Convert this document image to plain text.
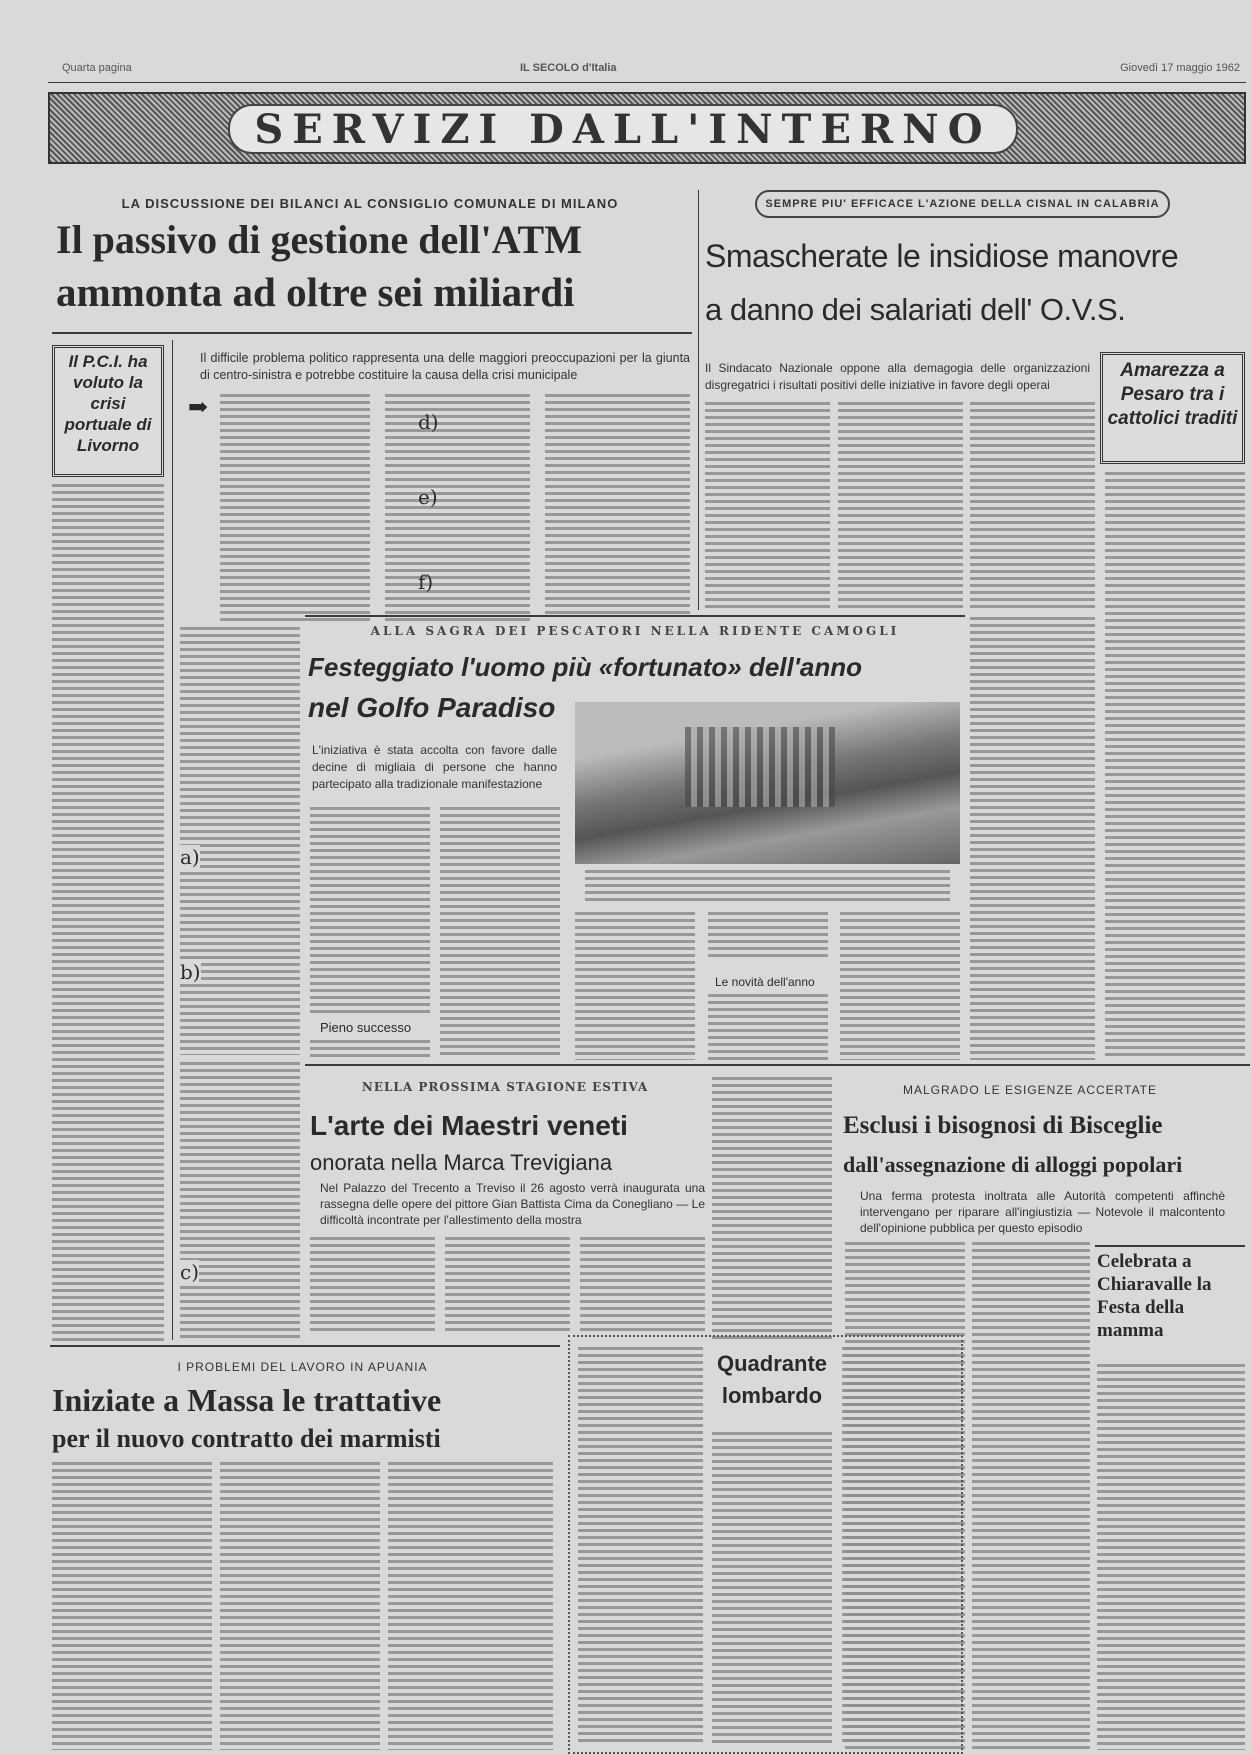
Quarta pagina	IL SECOLO d'Italia	Giovedì 17 maggio 1962
SERVIZI DALL'INTERNO
LA DISCUSSIONE DEI BILANCI AL CONSIGLIO COMUNALE DI MILANO
Il passivo di gestione dell'ATM
ammonta ad oltre sei miliardi
Il difficile problema politico rappresenta una delle maggiori preoccupazioni per la giunta di centro-sinistra e potrebbe costituire la causa della crisi municipale
➡
d)
e)
f)
a)
b)
c)
Il P.C.I. ha voluto la crisi portuale di Livorno
SEMPRE PIU' EFFICACE L'AZIONE DELLA CISNAL IN CALABRIA
Smascherate le insidiose manovre
a danno dei salariati dell' O.V.S.
Il Sindacato Nazionale oppone alla demagogia delle organizzazioni disgregatrici i risultati positivi delle iniziative in favore degli operai
Amarezza a Pesaro tra i cattolici traditi
ALLA SAGRA DEI PESCATORI NELLA RIDENTE CAMOGLI
Festeggiato l'uomo più «fortunato» dell'anno
nel Golfo Paradiso
L'iniziativa è stata accolta con favore dalle decine di migliaia di persone che hanno partecipato alla tradizionale manifestazione
Pieno successo
Le novità dell'anno
NELLA PROSSIMA STAGIONE ESTIVA
L'arte dei Maestri veneti
onorata nella Marca Trevigiana
Nel Palazzo del Trecento a Treviso il 26 agosto verrà inaugurata una rassegna delle opere del pittore Gian Battista Cima da Conegliano — Le difficoltà incontrate per l'allestimento della mostra
MALGRADO LE ESIGENZE ACCERTATE
Esclusi i bisognosi di Bisceglie
dall'assegnazione di alloggi popolari
Una ferma protesta inoltrata alle Autorità competenti affinchè intervengano per riparare all'ingiustizia — Notevole il malcontento dell'opinione pubblica per questo episodio
Celebrata a Chiaravalle la Festa della mamma
I PROBLEMI DEL LAVORO IN APUANIA
Iniziate a Massa le trattative
per il nuovo contratto dei marmisti
Quadrante lombardo
